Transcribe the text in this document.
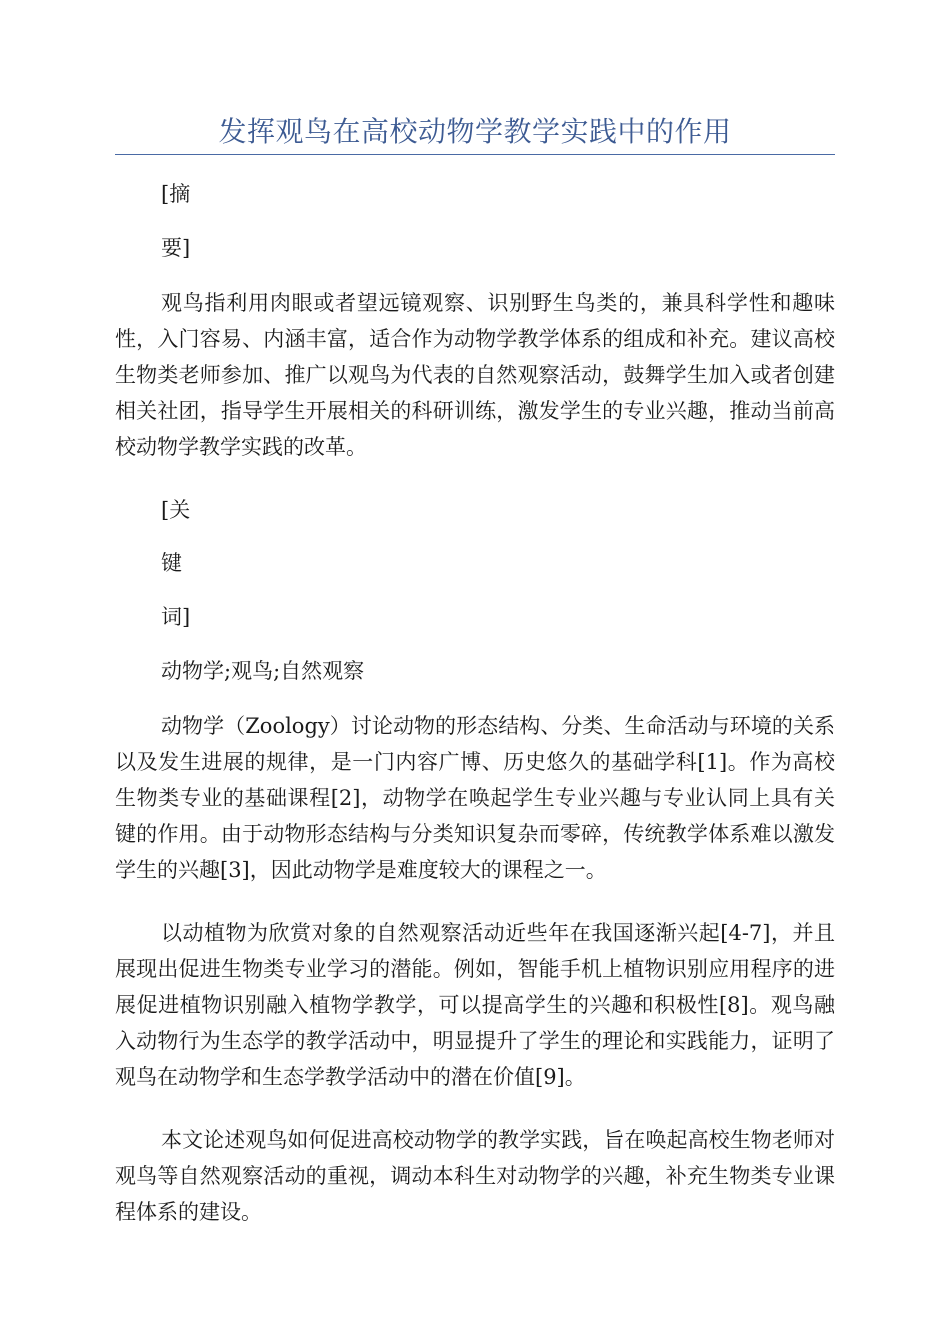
发挥观鸟在高校动物学教学实践中的作用
[摘
要]
观鸟指利用肉眼或者望远镜观察、识别野生鸟类的，兼具科学性和趣味性，入门容易、内涵丰富，适合作为动物学教学体系的组成和补充。建议高校生物类老师参加、推广以观鸟为代表的自然观察活动，鼓舞学生加入或者创建相关社团，指导学生开展相关的科研训练，激发学生的专业兴趣，推动当前高校动物学教学实践的改革。
[关
键
词]
动物学;观鸟;自然观察
动物学（Zoology）讨论动物的形态结构、分类、生命活动与环境的关系以及发生进展的规律，是一门内容广博、历史悠久的基础学科[1]。作为高校生物类专业的基础课程[2]，动物学在唤起学生专业兴趣与专业认同上具有关键的作用。由于动物形态结构与分类知识复杂而零碎，传统教学体系难以激发学生的兴趣[3]，因此动物学是难度较大的课程之一。
以动植物为欣赏对象的自然观察活动近些年在我国逐渐兴起[4-7]，并且展现出促进生物类专业学习的潜能。例如，智能手机上植物识别应用程序的进展促进植物识别融入植物学教学，可以提高学生的兴趣和积极性[8]。观鸟融入动物行为生态学的教学活动中，明显提升了学生的理论和实践能力，证明了观鸟在动物学和生态学教学活动中的潜在价值[9]。
本文论述观鸟如何促进高校动物学的教学实践，旨在唤起高校生物老师对观鸟等自然观察活动的重视，调动本科生对动物学的兴趣，补充生物类专业课程体系的建设。
